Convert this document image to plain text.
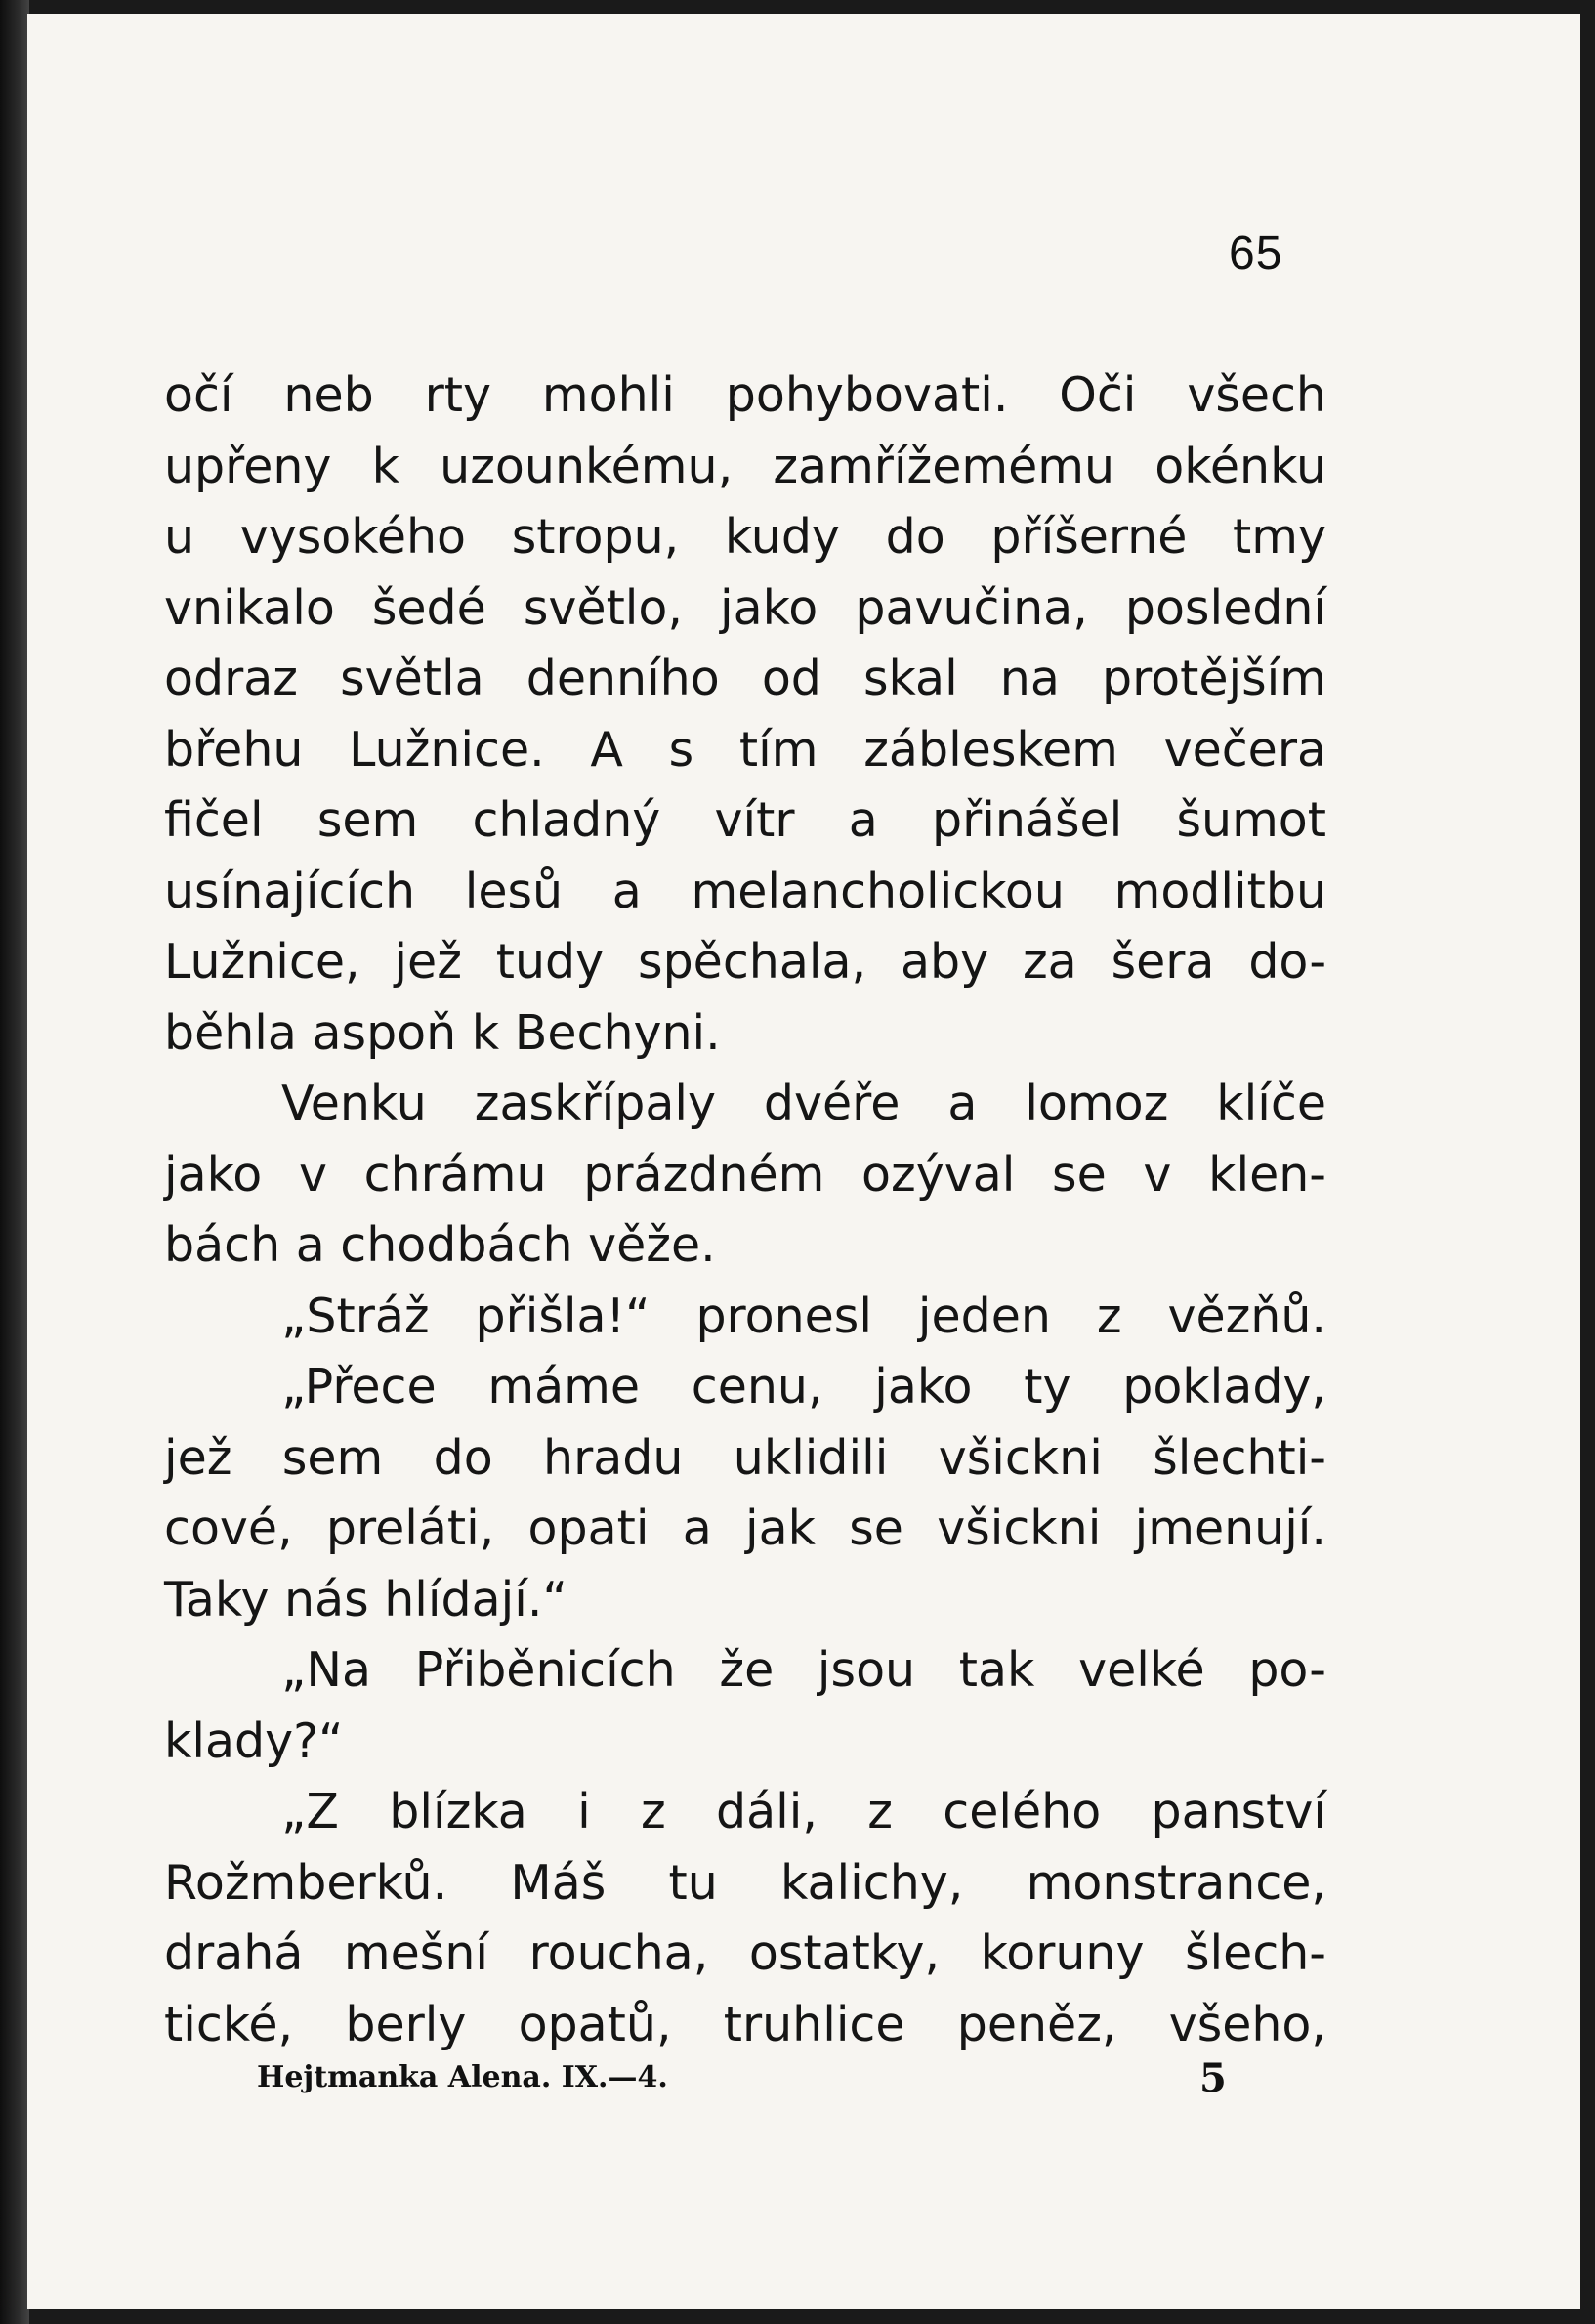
65
očí neb rty mohli pohybovati. Oči všech
upřeny k uzounkému, zamřížemému okénku
u vysokého stropu, kudy do příšerné tmy
vnikalo šedé světlo, jako pavučina, poslední
odraz světla denního od skal na protějším
břehu Lužnice. A s tím zábleskem večera
fičel sem chladný vítr a přinášel šumot
usínajících lesů a melancholickou modlitbu
Lužnice, jež tudy spěchala, aby za šera do-
běhla aspoň k Bechyni.
Venku zaskřípaly dvéře a lomoz klíče
jako v chrámu prázdném ozýval se v klen-
bách a chodbách věže.
„Stráž přišla!“ pronesl jeden z vězňů.
„Přece máme cenu, jako ty poklady,
jež sem do hradu uklidili všickni šlechti-
cové, preláti, opati a jak se všickni jmenují.
Taky nás hlídají.“
„Na Přiběnicích že jsou tak velké po-
klady?“
„Z blízka i z dáli, z celého panství
Rožmberků. Máš tu kalichy, monstrance,
drahá mešní roucha, ostatky, koruny šlech-
tické, berly opatů, truhlice peněz, všeho,
Hejtmanka Alena. IX.—4.	5
